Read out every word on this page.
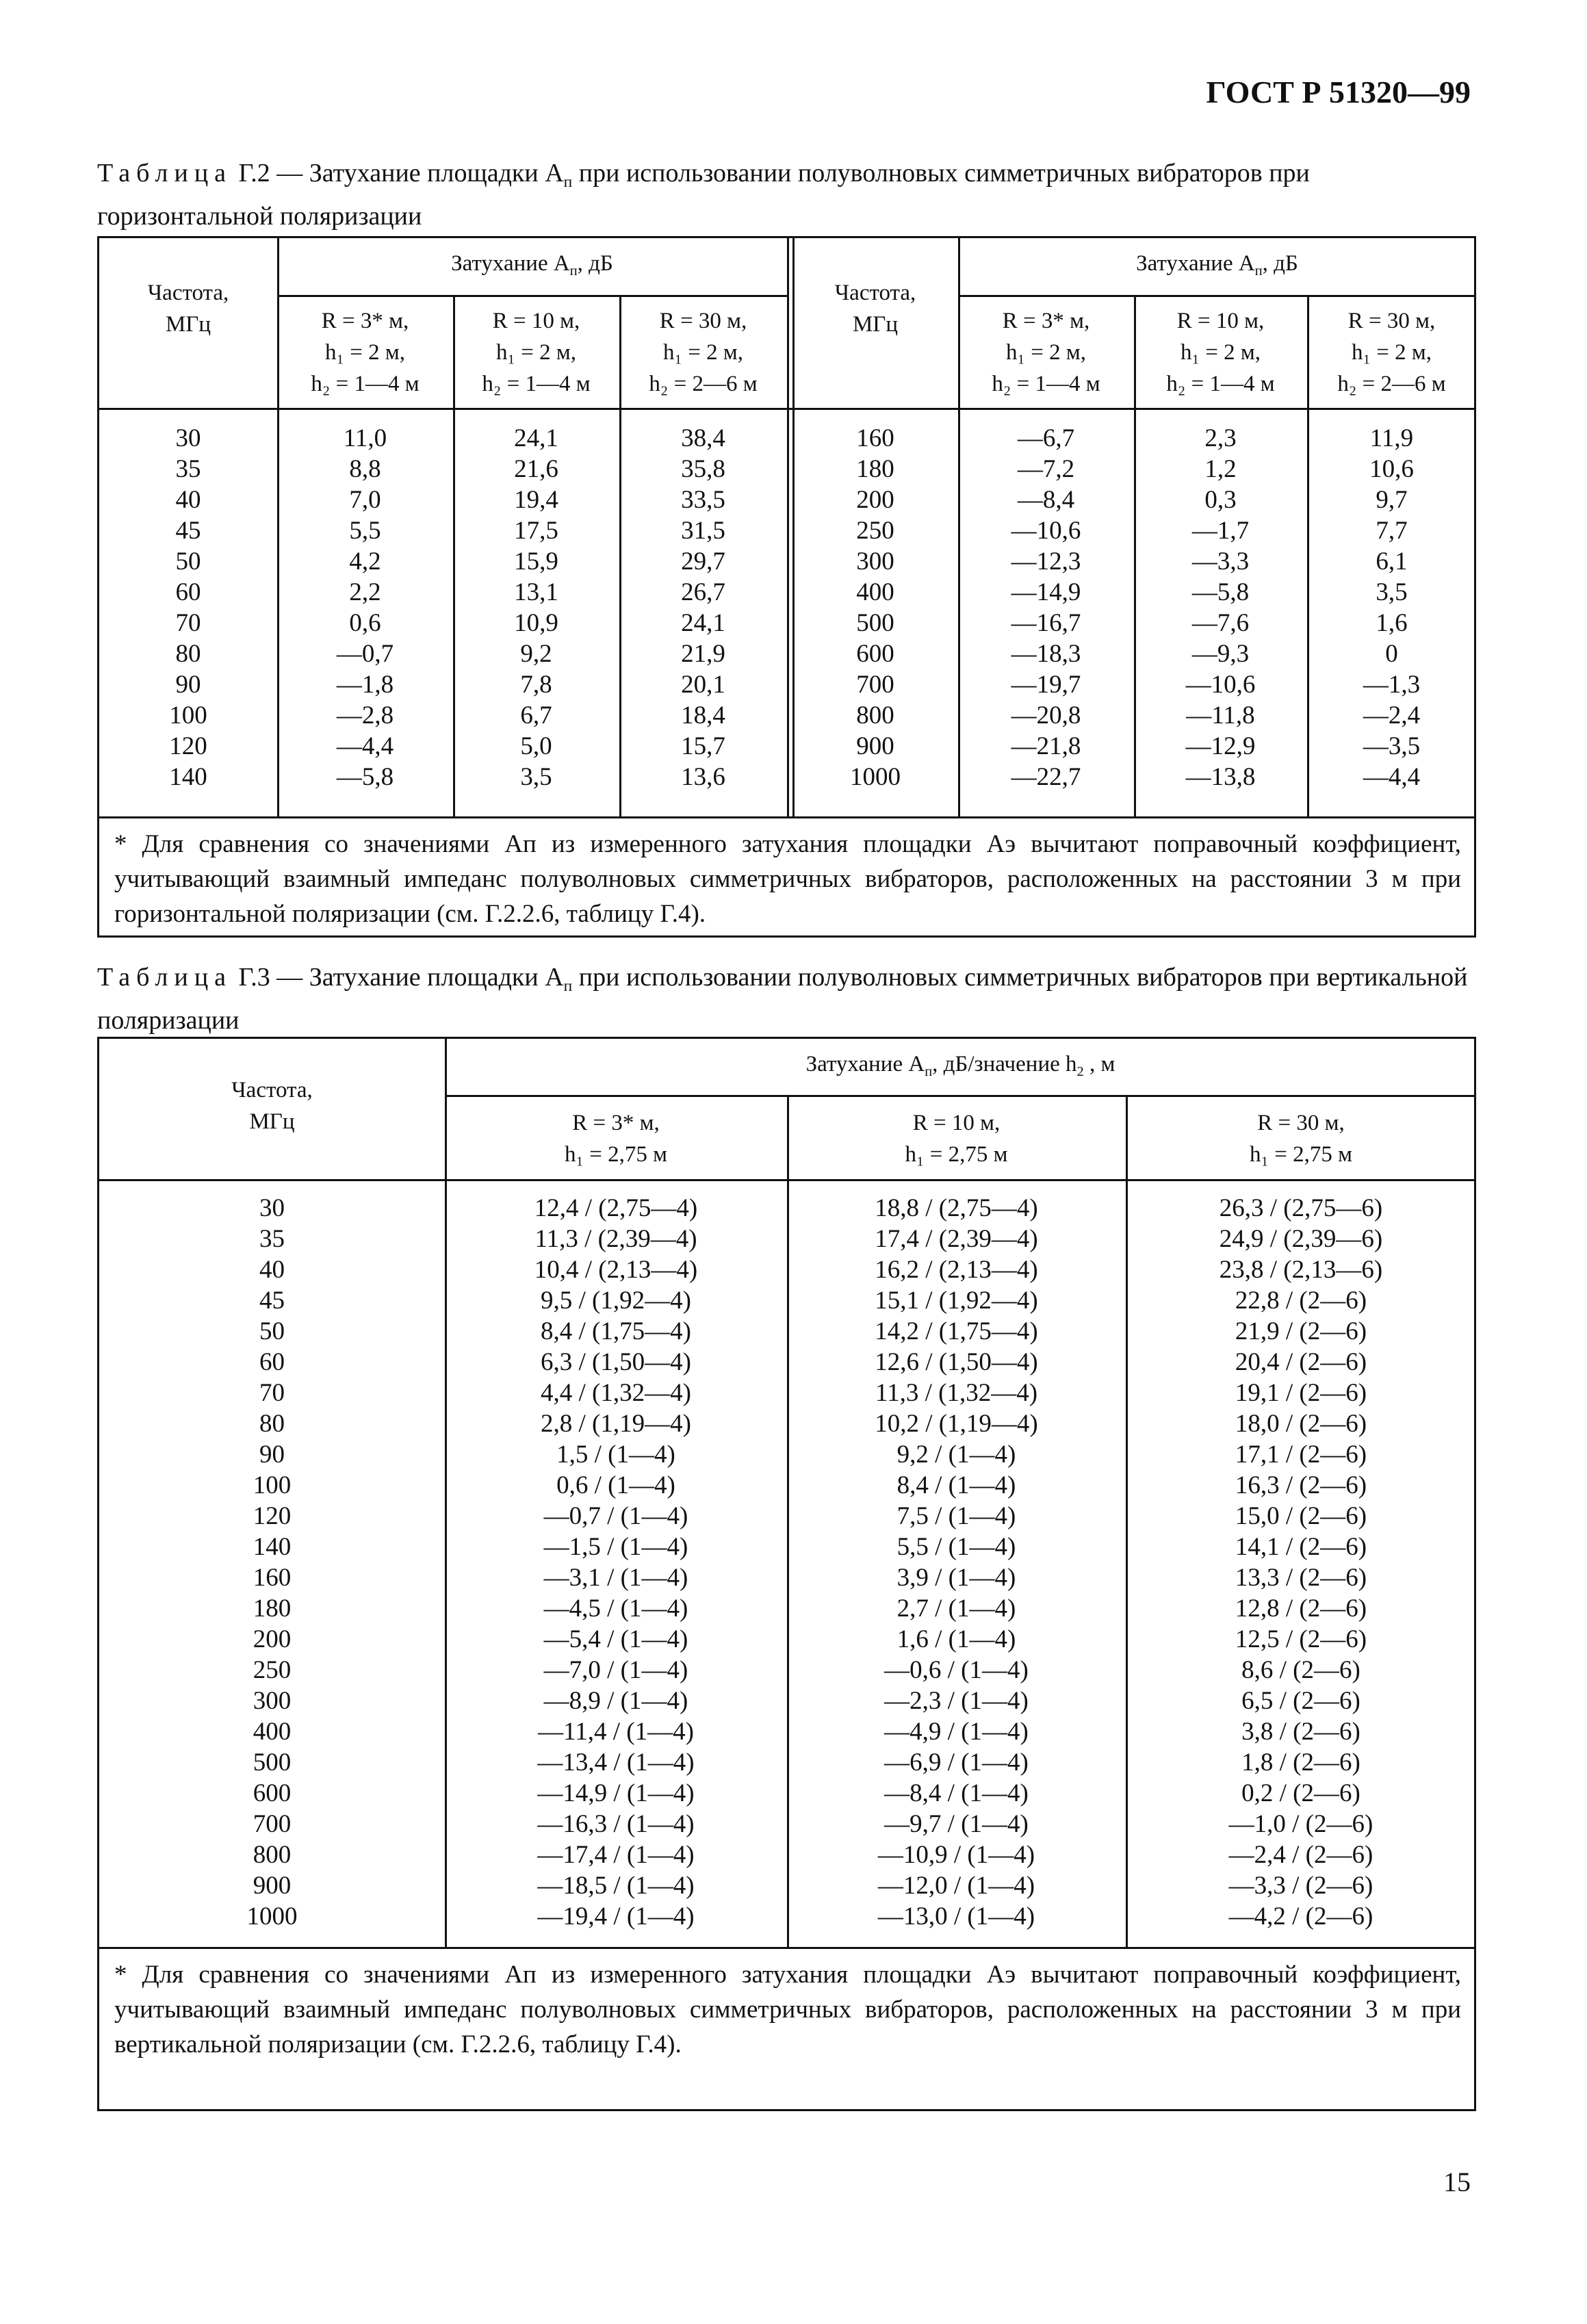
ГОСТ Р 51320—99
Таблица Г.2 — Затухание площадки $A_п$ при использовании полуволновых симметричных вибраторов при горизонтальной поляризации
Частота,
МГц
Затухание $A_п$, дБ
R = 3* м,
h₁ = 2 м,
h₂ = 1—4 м
R = 10 м,
h₁ = 2 м,
h₂ = 1—4 м
R = 30 м,
h₁ = 2 м,
h₂ = 2—6 м
Частота,
МГц
Затухание $A_п$, дБ
R = 3* м,
h₁ = 2 м,
h₂ = 1—4 м
R = 10 м,
h₁ = 2 м,
h₂ = 1—4 м
R = 30 м,
h₁ = 2 м,
h₂ = 2—6 м
30
35
40
45
50
60
70
80
90
100
120
140
11,0
8,8
7,0
5,5
4,2
2,2
0,6
—0,7
—1,8
—2,8
—4,4
—5,8
24,1
21,6
19,4
17,5
15,9
13,1
10,9
9,2
7,8
6,7
5,0
3,5
38,4
35,8
33,5
31,5
29,7
26,7
24,1
21,9
20,1
18,4
15,7
13,6
160
180
200
250
300
400
500
600
700
800
900
1000
—6,7
—7,2
—8,4
—10,6
—12,3
—14,9
—16,7
—18,3
—19,7
—20,8
—21,8
—22,7
2,3
1,2
0,3
—1,7
—3,3
—5,8
—7,6
—9,3
—10,6
—11,8
—12,9
—13,8
11,9
10,6
9,7
7,7
6,1
3,5
1,6
0
—1,3
—2,4
—3,5
—4,4
* Для сравнения со значениями Aп из измеренного затухания площадки Aэ вычитают поправочный коэффициент, учитывающий взаимный импеданс полуволновых симметричных вибраторов, расположенных на расстоянии 3 м при горизонтальной поляризации (см. Г.2.2.6, таблицу Г.4).
Таблица Г.3 — Затухание площадки $A_п$ при использовании полуволновых симметричных вибраторов при вертикальной поляризации
Частота,
МГц
Затухание $A_п$, дБ/значение $h_2$ , м
R = 3* м,
h₁ = 2,75 м
R = 10 м,
h₁ = 2,75 м
R = 30 м,
h₁ = 2,75 м
30
35
40
45
50
60
70
80
90
100
120
140
160
180
200
250
300
400
500
600
700
800
900
1000
12,4 / (2,75—4)
11,3 / (2,39—4)
10,4 / (2,13—4)
9,5 / (1,92—4)
8,4 / (1,75—4)
6,3 / (1,50—4)
4,4 / (1,32—4)
2,8 / (1,19—4)
1,5 / (1—4)
0,6 / (1—4)
—0,7 / (1—4)
—1,5 / (1—4)
—3,1 / (1—4)
—4,5 / (1—4)
—5,4 / (1—4)
—7,0 / (1—4)
—8,9 / (1—4)
—11,4 / (1—4)
—13,4 / (1—4)
—14,9 / (1—4)
—16,3 / (1—4)
—17,4 / (1—4)
—18,5 / (1—4)
—19,4 / (1—4)
18,8 / (2,75—4)
17,4 / (2,39—4)
16,2 / (2,13—4)
15,1 / (1,92—4)
14,2 / (1,75—4)
12,6 / (1,50—4)
11,3 / (1,32—4)
10,2 / (1,19—4)
9,2 / (1—4)
8,4 / (1—4)
7,5 / (1—4)
5,5 / (1—4)
3,9 / (1—4)
2,7 / (1—4)
1,6 / (1—4)
—0,6 / (1—4)
—2,3 / (1—4)
—4,9 / (1—4)
—6,9 / (1—4)
—8,4 / (1—4)
—9,7 / (1—4)
—10,9 / (1—4)
—12,0 / (1—4)
—13,0 / (1—4)
26,3 / (2,75—6)
24,9 / (2,39—6)
23,8 / (2,13—6)
22,8 / (2—6)
21,9 / (2—6)
20,4 / (2—6)
19,1 / (2—6)
18,0 / (2—6)
17,1 / (2—6)
16,3 / (2—6)
15,0 / (2—6)
14,1 / (2—6)
13,3 / (2—6)
12,8 / (2—6)
12,5 / (2—6)
8,6 / (2—6)
6,5 / (2—6)
3,8 / (2—6)
1,8 / (2—6)
0,2 / (2—6)
—1,0 / (2—6)
—2,4 / (2—6)
—3,3 / (2—6)
—4,2 / (2—6)
* Для сравнения со значениями Aп из измеренного затухания площадки Aэ вычитают поправочный коэффициент, учитывающий взаимный импеданс полуволновых симметричных вибраторов, расположенных на расстоянии 3 м при вертикальной поляризации (см. Г.2.2.6, таблицу Г.4).
15
